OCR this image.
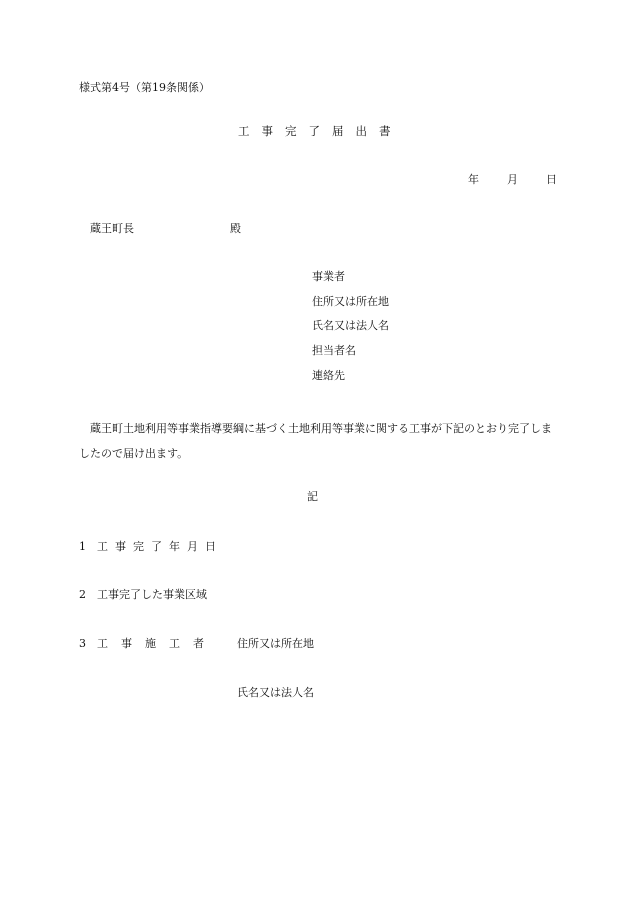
様式第4号（第19条関係）
工事完了届出書
年	月	日
蔵王町長	殿
事業者
住所又は所在地
氏名又は法人名
担当者名
連絡先
蔵王町土地利用等事業指導要綱に基づく土地利用等事業に関する工事が下記のとおり完了しましたので届け出ます。
記
1 工事完了年月日
2 工事完了した事業区域
3 工事施工者 住所又は所在地
氏名又は法人名
